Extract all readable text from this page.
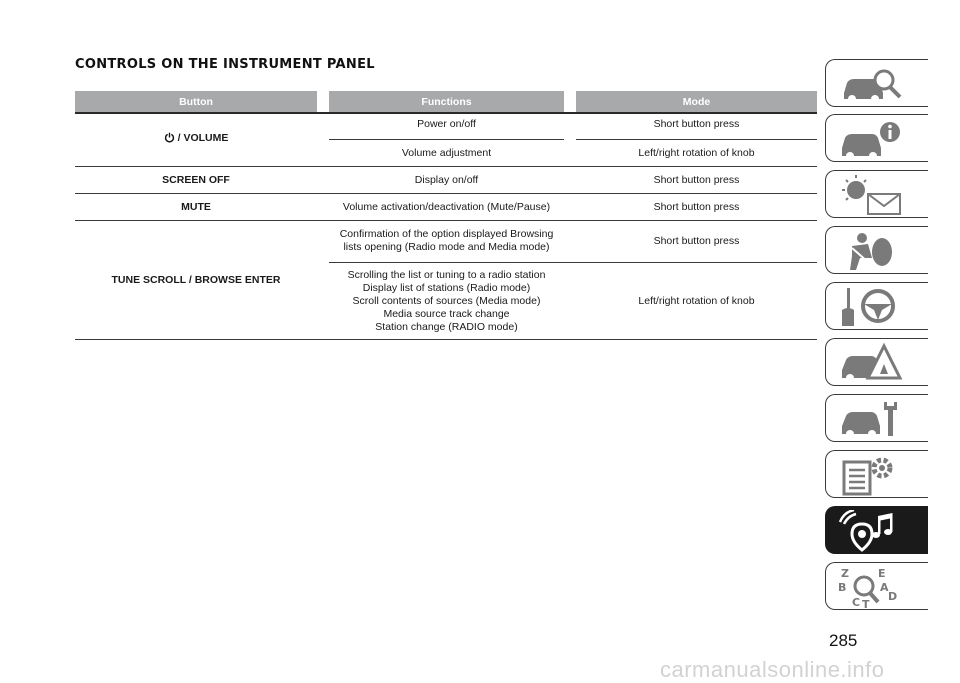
CONTROLS ON THE INSTRUMENT PANEL
Button		Functions		Mode

/ VOLUME		Power on/off		Short button press
		Volume adjustment		Left/right rotation of knob
SCREEN OFF		Display on/off		Short button press
MUTE		Volume activation/deactivation (Mute/Pause)		Short button press
TUNE SCROLL / BROWSE ENTER		Confirmation of the option displayed Browsing
lists opening (Radio mode and Media mode)		Short button press

		Scrolling the list or tuning to a radio station
Display list of stations (Radio mode)
Scroll contents of sources (Media mode)
Media source track change
Station change (RADIO mode)		Left/right rotation of knob
Z	E
B	A
C T
D
285
carmanualsonline.info
